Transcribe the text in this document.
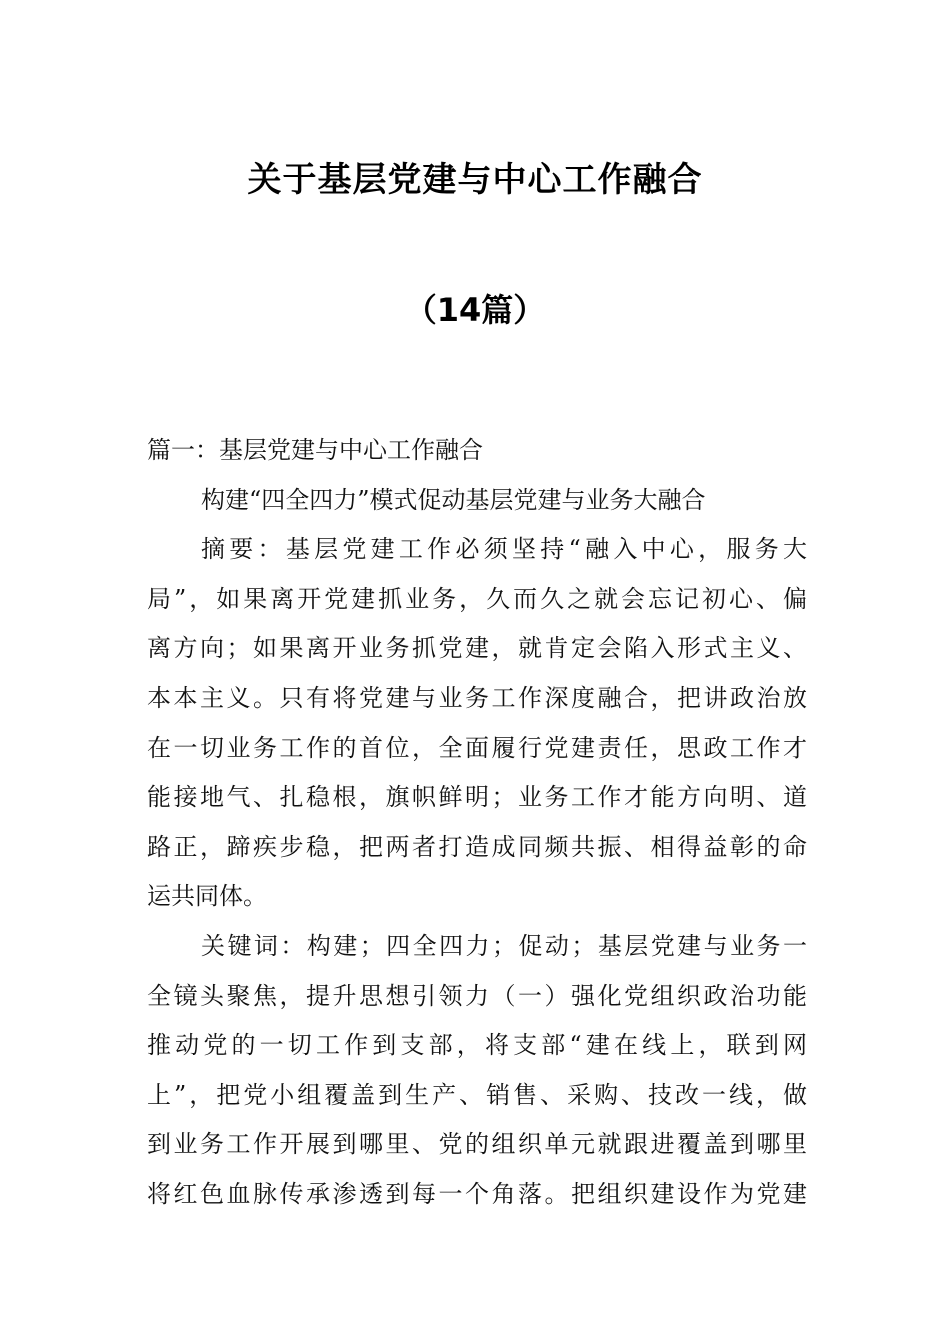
关于基层党建与中心工作融合
（14篇）
篇一：基层党建与中心工作融合
构建“四全四力”模式促动基层党建与业务大融合
摘要：基层党建工作必须坚持“融入中心，服务大
局”，如果离开党建抓业务，久而久之就会忘记初心、偏
离方向；如果离开业务抓党建，就肯定会陷入形式主义、
本本主义。只有将党建与业务工作深度融合，把讲政治放
在一切业务工作的首位，全面履行党建责任，思政工作才
能接地气、扎稳根，旗帜鲜明；业务工作才能方向明、道
路正，蹄疾步稳，把两者打造成同频共振、相得益彰的命
运共同体。
关键词：构建；四全四力；促动；基层党建与业务一
全镜头聚焦，提升思想引领力（一）强化党组织政治功能
推动党的一切工作到支部，将支部“建在线上，联到网
上”，把党小组覆盖到生产、销售、采购、技改一线，做
到业务工作开展到哪里、党的组织单元就跟进覆盖到哪里
将红色血脉传承渗透到每一个角落。把组织建设作为党建
